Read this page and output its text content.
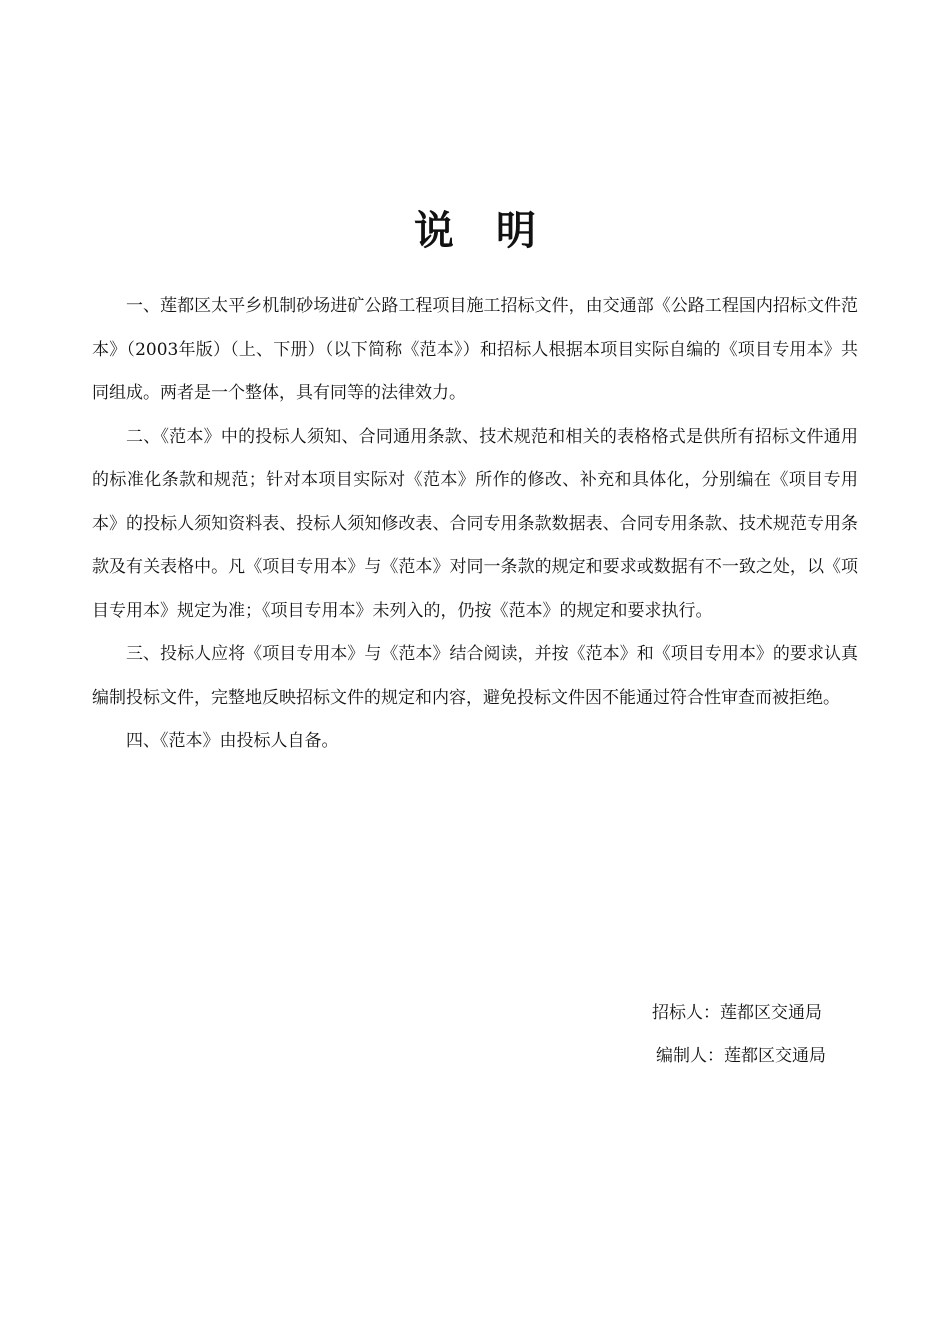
说明

一、莲都区太平乡机制砂场进矿公路工程项目施工招标文件，由交通部《公路工程国内招标文件范本》（2003年版）（上、下册）（以下简称《范本》）和招标人根据本项目实际自编的《项目专用本》共同组成。两者是一个整体，具有同等的法律效力。

二、《范本》中的投标人须知、合同通用条款、技术规范和相关的表格格式是供所有招标文件通用的标准化条款和规范；针对本项目实际对《范本》所作的修改、补充和具体化，分别编在《项目专用本》的投标人须知资料表、投标人须知修改表、合同专用条款数据表、合同专用条款、技术规范专用条款及有关表格中。凡《项目专用本》与《范本》对同一条款的规定和要求或数据有不一致之处，以《项目专用本》规定为准；《项目专用本》未列入的，仍按《范本》的规定和要求执行。

三、投标人应将《项目专用本》与《范本》结合阅读，并按《范本》和《项目专用本》的要求认真编制投标文件，完整地反映招标文件的规定和内容，避免投标文件因不能通过符合性审查而被拒绝。

四、《范本》由投标人自备。

招标人：莲都区交通局
编制人：莲都区交通局
